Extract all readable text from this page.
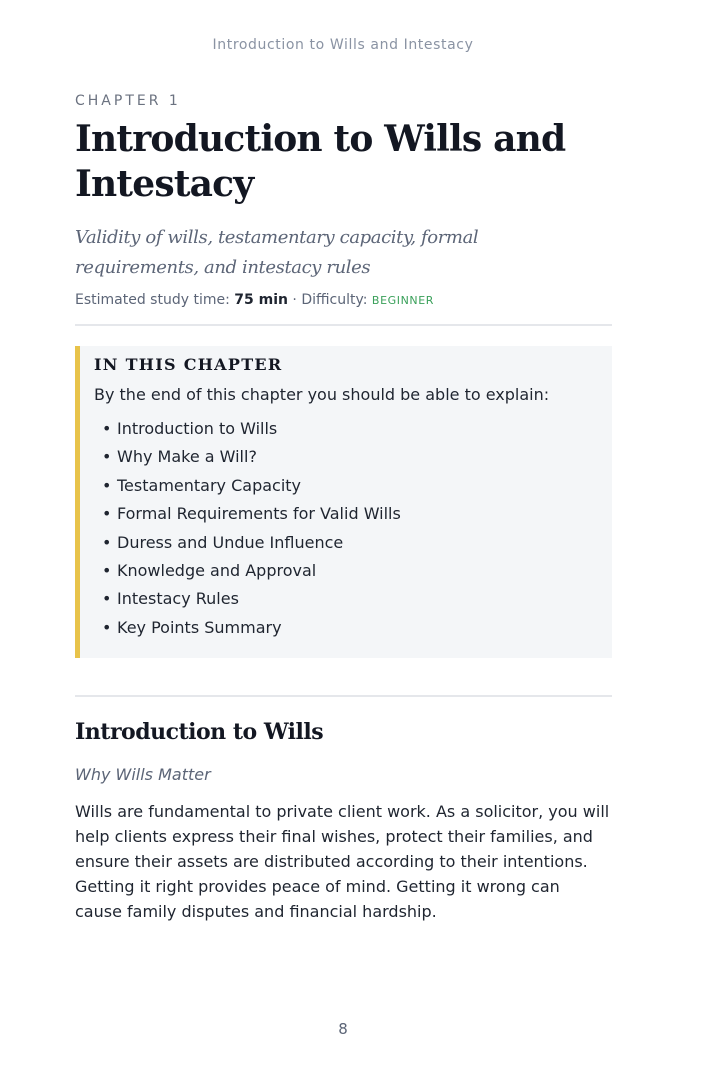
Introduction to Wills and Intestacy
CHAPTER 1
Introduction to Wills and Intestacy
Validity of wills, testamentary capacity, formal requirements, and intestacy rules
Estimated study time: 75 min · Difficulty: BEGINNER
IN THIS CHAPTER
By the end of this chapter you should be able to explain:
• Introduction to Wills
• Why Make a Will?
• Testamentary Capacity
• Formal Requirements for Valid Wills
• Duress and Undue Influence
• Knowledge and Approval
• Intestacy Rules
• Key Points Summary
Introduction to Wills
Why Wills Matter

Wills are fundamental to private client work. As a solicitor, you will help clients express their final wishes, protect their families, and ensure their assets are distributed according to their intentions. Getting it right provides peace of mind. Getting it wrong can cause family disputes and financial hardship.

8
